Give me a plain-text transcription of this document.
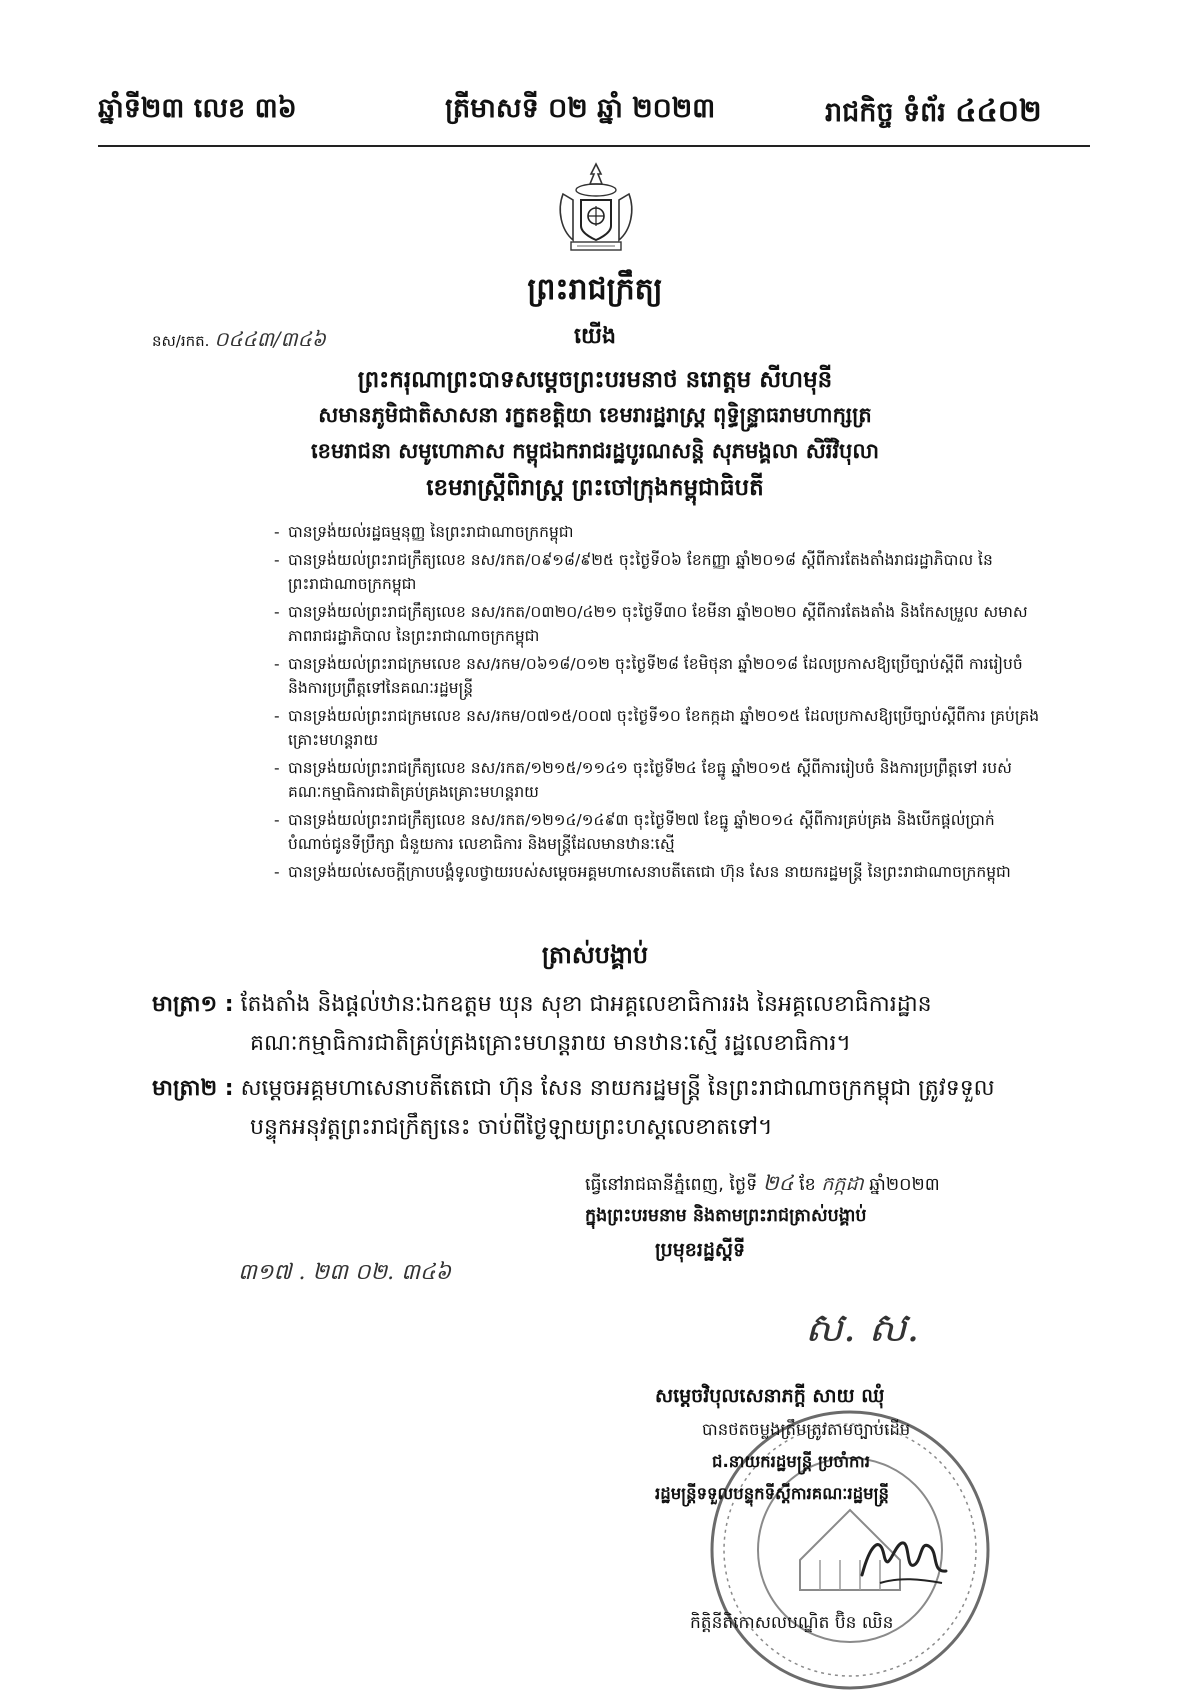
ឆ្នាំទី២៣ លេខ ៣៦	ត្រីមាសទី ០២ ឆ្នាំ ២០២៣	រាជកិច្ច ទំព័រ ៤៤០២
ព្រះរាជក្រឹត្យ
នស/រកត. ០៤៤៣/៣៤៦	យើង
ព្រះករុណាព្រះបាទសម្តេចព្រះបរមនាថ នរោត្តម សីហមុនី
សមានភូមិជាតិសាសនា រក្ខតខត្តិយា ខេមរារដ្ឋរាស្ត្រ ពុទ្ធិន្រ្ទាធរាមហាក្សត្រ
ខេមរាជនា សមូហោភាស កម្ពុជឯករាជរដ្ឋបូរណសន្តិ សុភមង្គលា សិរីវិបុលា
ខេមរាស្រ្តីពិរាស្ត្រ ព្រះចៅក្រុងកម្ពុជាធិបតី
- បានទ្រង់យល់រដ្ឋធម្មនុញ្ញ នៃព្រះរាជាណាចក្រកម្ពុជា
- បានទ្រង់យល់ព្រះរាជក្រឹត្យលេខ នស/រកត/០៩១៨/៩២៥ ចុះថ្ងៃទី០៦ ខែកញ្ញា ឆ្នាំ២០១៨ ស្តីពីការតែងតាំងរាជរដ្ឋាភិបាល នៃព្រះរាជាណាចក្រកម្ពុជា
- បានទ្រង់យល់ព្រះរាជក្រឹត្យលេខ នស/រកត/០៣២០/៤២១ ចុះថ្ងៃទី៣០ ខែមីនា ឆ្នាំ២០២០ ស្តីពីការតែងតាំង និងកែសម្រួល សមាសភាពរាជរដ្ឋាភិបាល នៃព្រះរាជាណាចក្រកម្ពុជា
- បានទ្រង់យល់ព្រះរាជក្រមលេខ នស/រកម/០៦១៨/០១២ ចុះថ្ងៃទី២៨ ខែមិថុនា ឆ្នាំ២០១៨ ដែលប្រកាសឱ្យប្រើច្បាប់ស្តីពី ការរៀបចំ និងការប្រព្រឹត្តទៅនៃគណៈរដ្ឋមន្រ្តី
- បានទ្រង់យល់ព្រះរាជក្រមលេខ នស/រកម/០៧១៥/០០៧ ចុះថ្ងៃទី១០ ខែកក្កដា ឆ្នាំ២០១៥ ដែលប្រកាសឱ្យប្រើច្បាប់ស្តីពីការ គ្រប់គ្រងគ្រោះមហន្តរាយ
- បានទ្រង់យល់ព្រះរាជក្រឹត្យលេខ នស/រកត/១២១៥/១១៤១ ចុះថ្ងៃទី២៤ ខែធ្នូ ឆ្នាំ២០១៥ ស្តីពីការរៀបចំ និងការប្រព្រឹត្តទៅ របស់គណៈកម្មាធិការជាតិគ្រប់គ្រងគ្រោះមហន្តរាយ
- បានទ្រង់យល់ព្រះរាជក្រឹត្យលេខ នស/រកត/១២១៤/១៤៩៣ ចុះថ្ងៃទី២៧ ខែធ្នូ ឆ្នាំ២០១៤ ស្តីពីការគ្រប់គ្រង និងបើកផ្តល់ប្រាក់ បំណាច់ជូនទីប្រឹក្សា ជំនួយការ លេខាធិការ និងមន្ត្រីដែលមានឋានៈស្មើ
- បានទ្រង់យល់សេចក្តីក្រាបបង្គំទូលថ្វាយរបស់សម្តេចអគ្គមហាសេនាបតីតេជោ ហ៊ុន សែន នាយករដ្ឋមន្រ្តី នៃព្រះរាជាណាចក្រកម្ពុជា
ត្រាស់បង្គាប់
មាត្រា១ : តែងតាំង និងផ្តល់ឋានៈឯកឧត្តម ឃុន សុខា ជាអគ្គលេខាធិការរង នៃអគ្គលេខាធិការដ្ឋាន
គណៈកម្មាធិការជាតិគ្រប់គ្រងគ្រោះមហន្តរាយ មានឋានៈស្មើ រដ្ឋលេខាធិការ។
មាត្រា២ : សម្តេចអគ្គមហាសេនាបតីតេជោ ហ៊ុន សែន នាយករដ្ឋមន្រ្តី នៃព្រះរាជាណាចក្រកម្ពុជា ត្រូវទទួល
បន្ទុកអនុវត្តព្រះរាជក្រឹត្យនេះ ចាប់ពីថ្ងៃឡាយព្រះហស្តលេខាតទៅ។
ធ្វើនៅរាជធានីភ្នំពេញ, ថ្ងៃទី ២៤ ខែ កក្កដា ឆ្នាំ២០២៣
ក្នុងព្រះបរមនាម និងតាមព្រះរាជត្រាស់បង្គាប់
ប្រមុខរដ្ឋស្តីទី
៣១៧ . ២៣ ០២. ៣៤៦
ស. ស.
សម្តេចវិបុលសេនាភក្តី សាយ ឈុំ
បានថតចម្លងត្រឹមត្រូវតាមច្បាប់ដើម
ជ.នាយករដ្ឋមន្ត្រី ប្រចាំការ
រដ្ឋមន្ត្រីទទួលបន្ទុកទីស្តីការគណៈរដ្ឋមន្ត្រី
កិត្តិនីតិកោសលបណ្ឌិត ប៊ិន ឈិន
